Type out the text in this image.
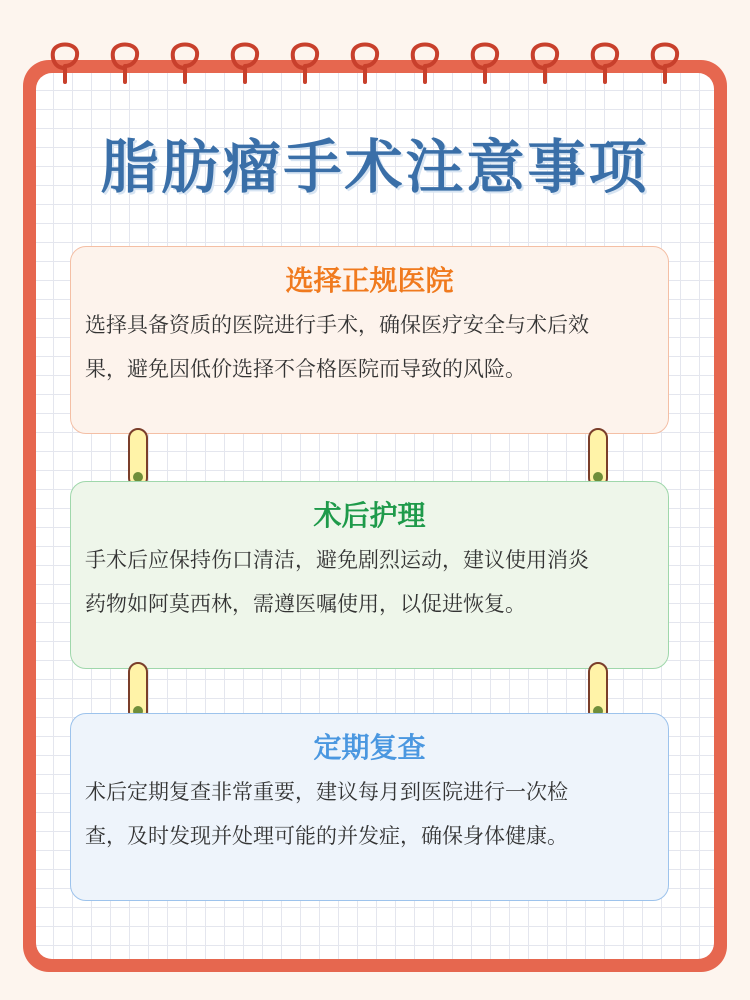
脂肪瘤手术注意事项
选择正规医院
选择具备资质的医院进行手术，确保医疗安全与术后效
果，避免因低价选择不合格医院而导致的风险。
术后护理
手术后应保持伤口清洁，避免剧烈运动，建议使用消炎
药物如阿莫西林，需遵医嘱使用，以促进恢复。
定期复查
术后定期复查非常重要，建议每月到医院进行一次检
查，及时发现并处理可能的并发症，确保身体健康。
